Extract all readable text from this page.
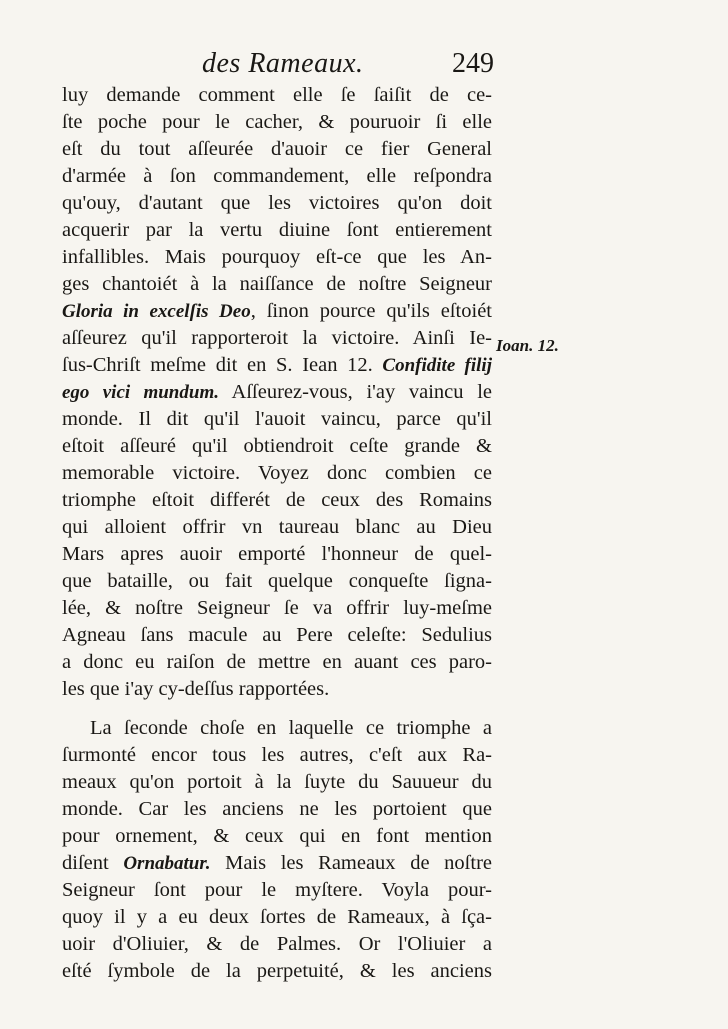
des Rameaux.	249
luy demande comment elle ſe ſaiſit de ce-
ſte poche pour le cacher, & pouruoir ſi elle
eſt du tout aſſeurée d'auoir ce fier General
d'armée à ſon commandement, elle reſpondra
qu'ouy, d'autant que les victoires qu'on doit
acquerir par la vertu diuine ſont entierement
infallibles. Mais pourquoy eſt-ce que les An-
ges chantoiét à la naiſſance de noſtre Seigneur
Gloria in excelſis Deo, ſinon pource qu'ils eſtoiét
aſſeurez qu'il rapporteroit la victoire. Ainſi Ie-
ſus-Chriſt meſme dit en S. Iean 12. Confidite filij
ego vici mundum. Aſſeurez-vous, i'ay vaincu le
monde. Il dit qu'il l'auoit vaincu, parce qu'il
eſtoit aſſeuré qu'il obtiendroit ceſte grande &
memorable victoire. Voyez donc combien ce
triomphe eſtoit differét de ceux des Romains
qui alloient offrir vn taureau blanc au Dieu
Mars apres auoir emporté l'honneur de quel-
que bataille, ou fait quelque conqueſte ſigna-
lée, & noſtre Seigneur ſe va offrir luy-meſme
Agneau ſans macule au Pere celeſte: Sedulius
a donc eu raiſon de mettre en auant ces paro-
les que i'ay cy-deſſus rapportées.
La ſeconde choſe en laquelle ce triomphe a
ſurmonté encor tous les autres, c'eſt aux Ra-
meaux qu'on portoit à la ſuyte du Sauueur du
monde. Car les anciens ne les portoient que
pour ornement, & ceux qui en font mention
diſent Ornabatur. Mais les Rameaux de noſtre
Seigneur ſont pour le myſtere. Voyla pour-
quoy il y a eu deux ſortes de Rameaux, à ſça-
uoir d'Oliuier, & de Palmes. Or l'Oliuier a
eſté ſymbole de la perpetuité, & les anciens
Ioan. 12.
